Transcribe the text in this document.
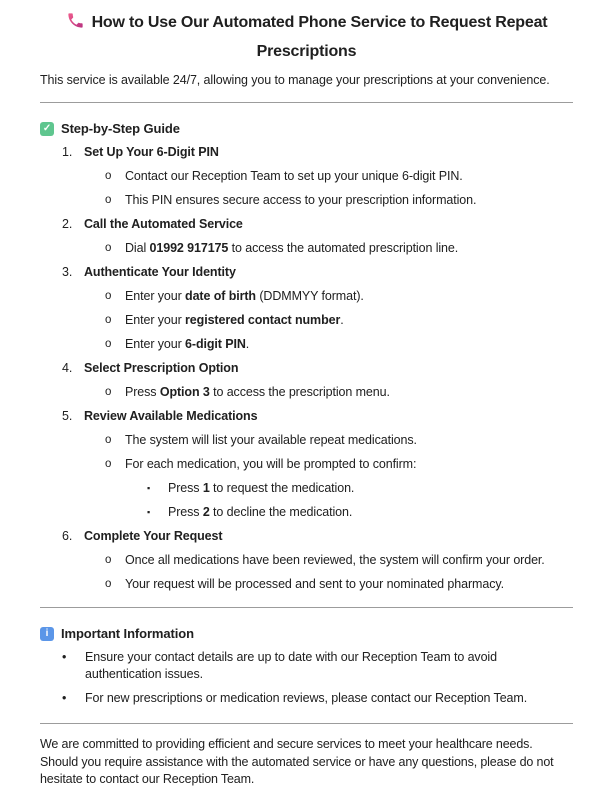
How to Use Our Automated Phone Service to Request Repeat Prescriptions

This service is available 24/7, allowing you to manage your prescriptions at your convenience.

✓ Step-by-Step Guide
1. Set Up Your 6-Digit PIN
o	Contact our Reception Team to set up your unique 6-digit PIN.
o	This PIN ensures secure access to your prescription information.
2. Call the Automated Service
o	Dial 01992 917175 to access the automated prescription line.
3. Authenticate Your Identity
o	Enter your date of birth (DDMMYY format).
o	Enter your registered contact number.
o	Enter your 6-digit PIN.
4. Select Prescription Option
o	Press Option 3 to access the prescription menu.
5. Review Available Medications
o	The system will list your available repeat medications.
o	For each medication, you will be prompted to confirm:
▪	Press 1 to request the medication.
▪	Press 2 to decline the medication.
6. Complete Your Request
o	Once all medications have been reviewed, the system will confirm your order.
o	Your request will be processed and sent to your nominated pharmacy.
i Important Information
•	Ensure your contact details are up to date with our Reception Team to avoid authentication issues.
•	For new prescriptions or medication reviews, please contact our Reception Team.

We are committed to providing efficient and secure services to meet your healthcare needs. Should you require assistance with the automated service or have any questions, please do not hesitate to contact our Reception Team.
